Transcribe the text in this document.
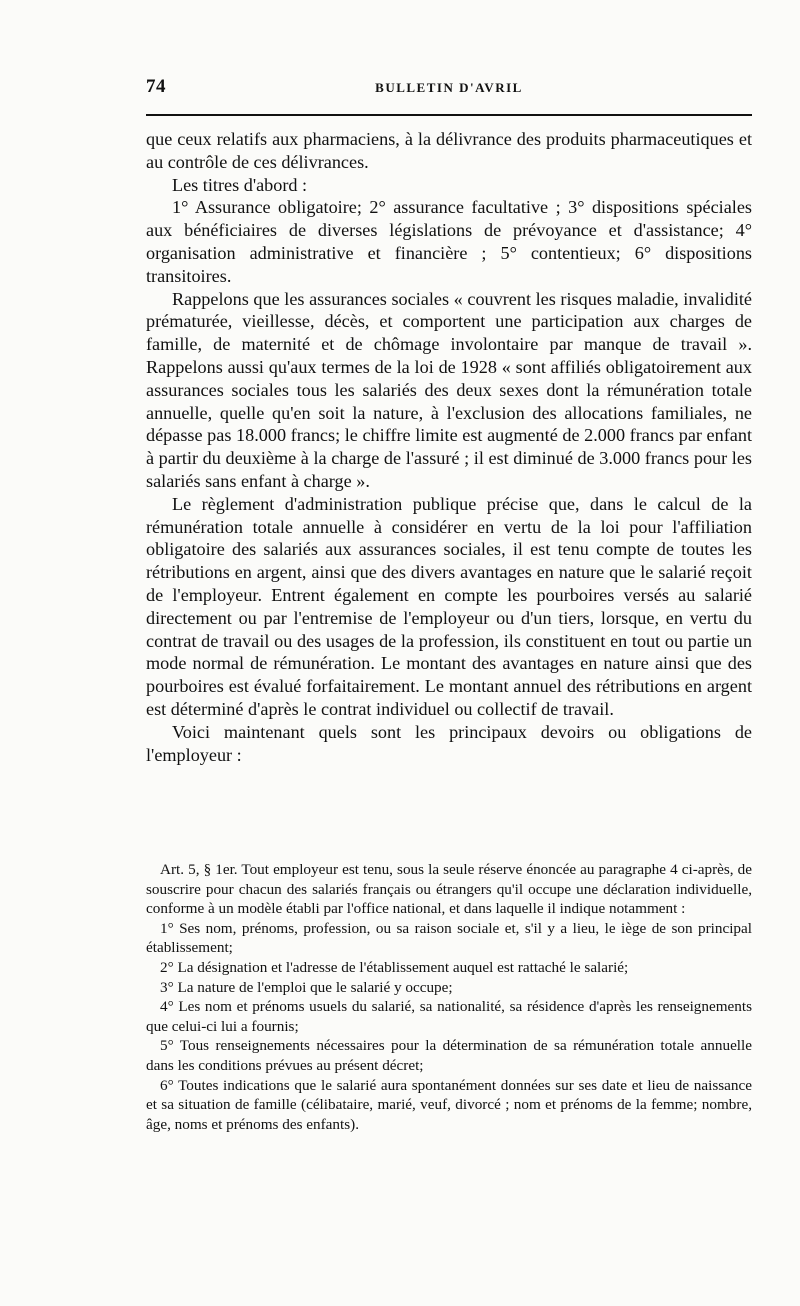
74	BULLETIN D'AVRIL

que ceux relatifs aux pharmaciens, à la délivrance des produits pharmaceutiques et au contrôle de ces délivrances.

Les titres d'abord :

1° Assurance obligatoire; 2° assurance facultative ; 3° dispositions spéciales aux bénéficiaires de diverses législations de prévoyance et d'assistance; 4° organisation administrative et financière ; 5° contentieux; 6° dispositions transitoires.

Rappelons que les assurances sociales « couvrent les risques maladie, invalidité prématurée, vieillesse, décès, et comportent une participation aux charges de famille, de maternité et de chômage involontaire par manque de travail ». Rappelons aussi qu'aux termes de la loi de 1928 « sont affiliés obligatoirement aux assurances sociales tous les salariés des deux sexes dont la rémunération totale annuelle, quelle qu'en soit la nature, à l'exclusion des allocations familiales, ne dépasse pas 18.000 francs; le chiffre limite est augmenté de 2.000 francs par enfant à partir du deuxième à la charge de l'assuré ; il est diminué de 3.000 francs pour les salariés sans enfant à charge ».

Le règlement d'administration publique précise que, dans le calcul de la rémunération totale annuelle à considérer en vertu de la loi pour l'affiliation obligatoire des salariés aux assurances sociales, il est tenu compte de toutes les rétributions en argent, ainsi que des divers avantages en nature que le salarié reçoit de l'employeur. Entrent également en compte les pourboires versés au salarié directement ou par l'entremise de l'employeur ou d'un tiers, lorsque, en vertu du contrat de travail ou des usages de la profession, ils constituent en tout ou partie un mode normal de rémunération. Le montant des avantages en nature ainsi que des pourboires est évalué forfaitairement. Le montant annuel des rétributions en argent est déterminé d'après le contrat individuel ou collectif de travail.

Voici maintenant quels sont les principaux devoirs ou obligations de l'employeur :

Art. 5, § 1er. Tout employeur est tenu, sous la seule réserve énoncée au paragraphe 4 ci-après, de souscrire pour chacun des salariés français ou étrangers qu'il occupe une déclaration individuelle, conforme à un modèle établi par l'office national, et dans laquelle il indique notamment :

1° Ses nom, prénoms, profession, ou sa raison sociale et, s'il y a lieu, le iège de son principal établissement;

2° La désignation et l'adresse de l'établissement auquel est rattaché le salarié;

3° La nature de l'emploi que le salarié y occupe;

4° Les nom et prénoms usuels du salarié, sa nationalité, sa résidence d'après les renseignements que celui-ci lui a fournis;

5° Tous renseignements nécessaires pour la détermination de sa rémunération totale annuelle dans les conditions prévues au présent décret;

6° Toutes indications que le salarié aura spontanément données sur ses date et lieu de naissance et sa situation de famille (célibataire, marié, veuf, divorcé ; nom et prénoms de la femme; nombre, âge, noms et prénoms des enfants).
